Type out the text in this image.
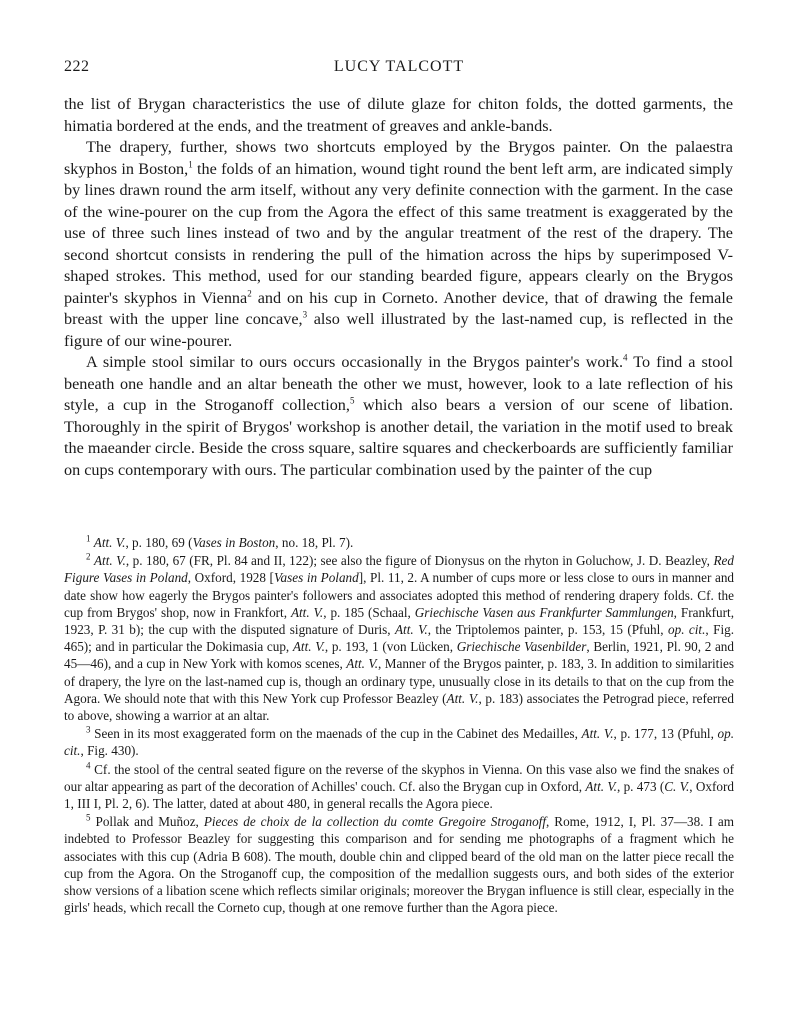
222	LUCY TALCOTT

the list of Brygan characteristics the use of dilute glaze for chiton folds, the dotted garments, the himatia bordered at the ends, and the treatment of greaves and ankle-bands.

The drapery, further, shows two shortcuts employed by the Brygos painter. On the palaestra skyphos in Boston,$^1$ the folds of an himation, wound tight round the bent left arm, are indicated simply by lines drawn round the arm itself, without any very definite connection with the garment. In the case of the wine-pourer on the cup from the Agora the effect of this same treatment is exaggerated by the use of three such lines instead of two and by the angular treatment of the rest of the drapery. The second shortcut consists in rendering the pull of the himation across the hips by superimposed V-shaped strokes. This method, used for our standing bearded figure, appears clearly on the Brygos painter's skyphos in Vienna$^2$ and on his cup in Corneto. Another device, that of drawing the female breast with the upper line concave,$^3$ also well illustrated by the last-named cup, is reflected in the figure of our wine-pourer.

A simple stool similar to ours occurs occasionally in the Brygos painter's work.$^4$ To find a stool beneath one handle and an altar beneath the other we must, however, look to a late reflection of his style, a cup in the Stroganoff collection,$^5$ which also bears a version of our scene of libation. Thoroughly in the spirit of Brygos' workshop is another detail, the variation in the motif used to break the maeander circle. Beside the cross square, saltire squares and checkerboards are sufficiently familiar on cups contemporary with ours. The particular combination used by the painter of the cup

$^1$ Att. V., p. 180, 69 (Vases in Boston, no. 18, Pl. 7).

$^2$ Att. V., p. 180, 67 (FR, Pl. 84 and II, 122); see also the figure of Dionysus on the rhyton in Goluchow, J. D. Beazley, Red Figure Vases in Poland, Oxford, 1928 [Vases in Poland], Pl. 11, 2. A number of cups more or less close to ours in manner and date show how eagerly the Brygos painter's followers and associates adopted this method of rendering drapery folds. Cf. the cup from Brygos' shop, now in Frankfort, Att. V., p. 185 (Schaal, Griechische Vasen aus Frankfurter Sammlungen, Frankfurt, 1923, P. 31 b); the cup with the disputed signature of Duris, Att. V., the Triptolemos painter, p. 153, 15 (Pfuhl, op. cit., Fig. 465); and in particular the Dokimasia cup, Att. V., p. 193, 1 (von Lücken, Griechische Vasenbilder, Berlin, 1921, Pl. 90, 2 and 45—46), and a cup in New York with komos scenes, Att. V., Manner of the Brygos painter, p. 183, 3. In addition to similarities of drapery, the lyre on the last-named cup is, though an ordinary type, unusually close in its details to that on the cup from the Agora. We should note that with this New York cup Professor Beazley (Att. V., p. 183) associates the Petrograd piece, referred to above, showing a warrior at an altar.

$^3$ Seen in its most exaggerated form on the maenads of the cup in the Cabinet des Medailles, Att. V., p. 177, 13 (Pfuhl, op. cit., Fig. 430).

$^4$ Cf. the stool of the central seated figure on the reverse of the skyphos in Vienna. On this vase also we find the snakes of our altar appearing as part of the decoration of Achilles' couch. Cf. also the Brygan cup in Oxford, Att. V., p. 473 (C. V., Oxford 1, III I, Pl. 2, 6). The latter, dated at about 480, in general recalls the Agora piece.

$^5$ Pollak and Muñoz, Pieces de choix de la collection du comte Gregoire Stroganoff, Rome, 1912, I, Pl. 37—38. I am indebted to Professor Beazley for suggesting this comparison and for sending me photographs of a fragment which he associates with this cup (Adria B 608). The mouth, double chin and clipped beard of the old man on the latter piece recall the cup from the Agora. On the Stroganoff cup, the composition of the medallion suggests ours, and both sides of the exterior show versions of a libation scene which reflects similar originals; moreover the Brygan influence is still clear, especially in the girls' heads, which recall the Corneto cup, though at one remove further than the Agora piece.
